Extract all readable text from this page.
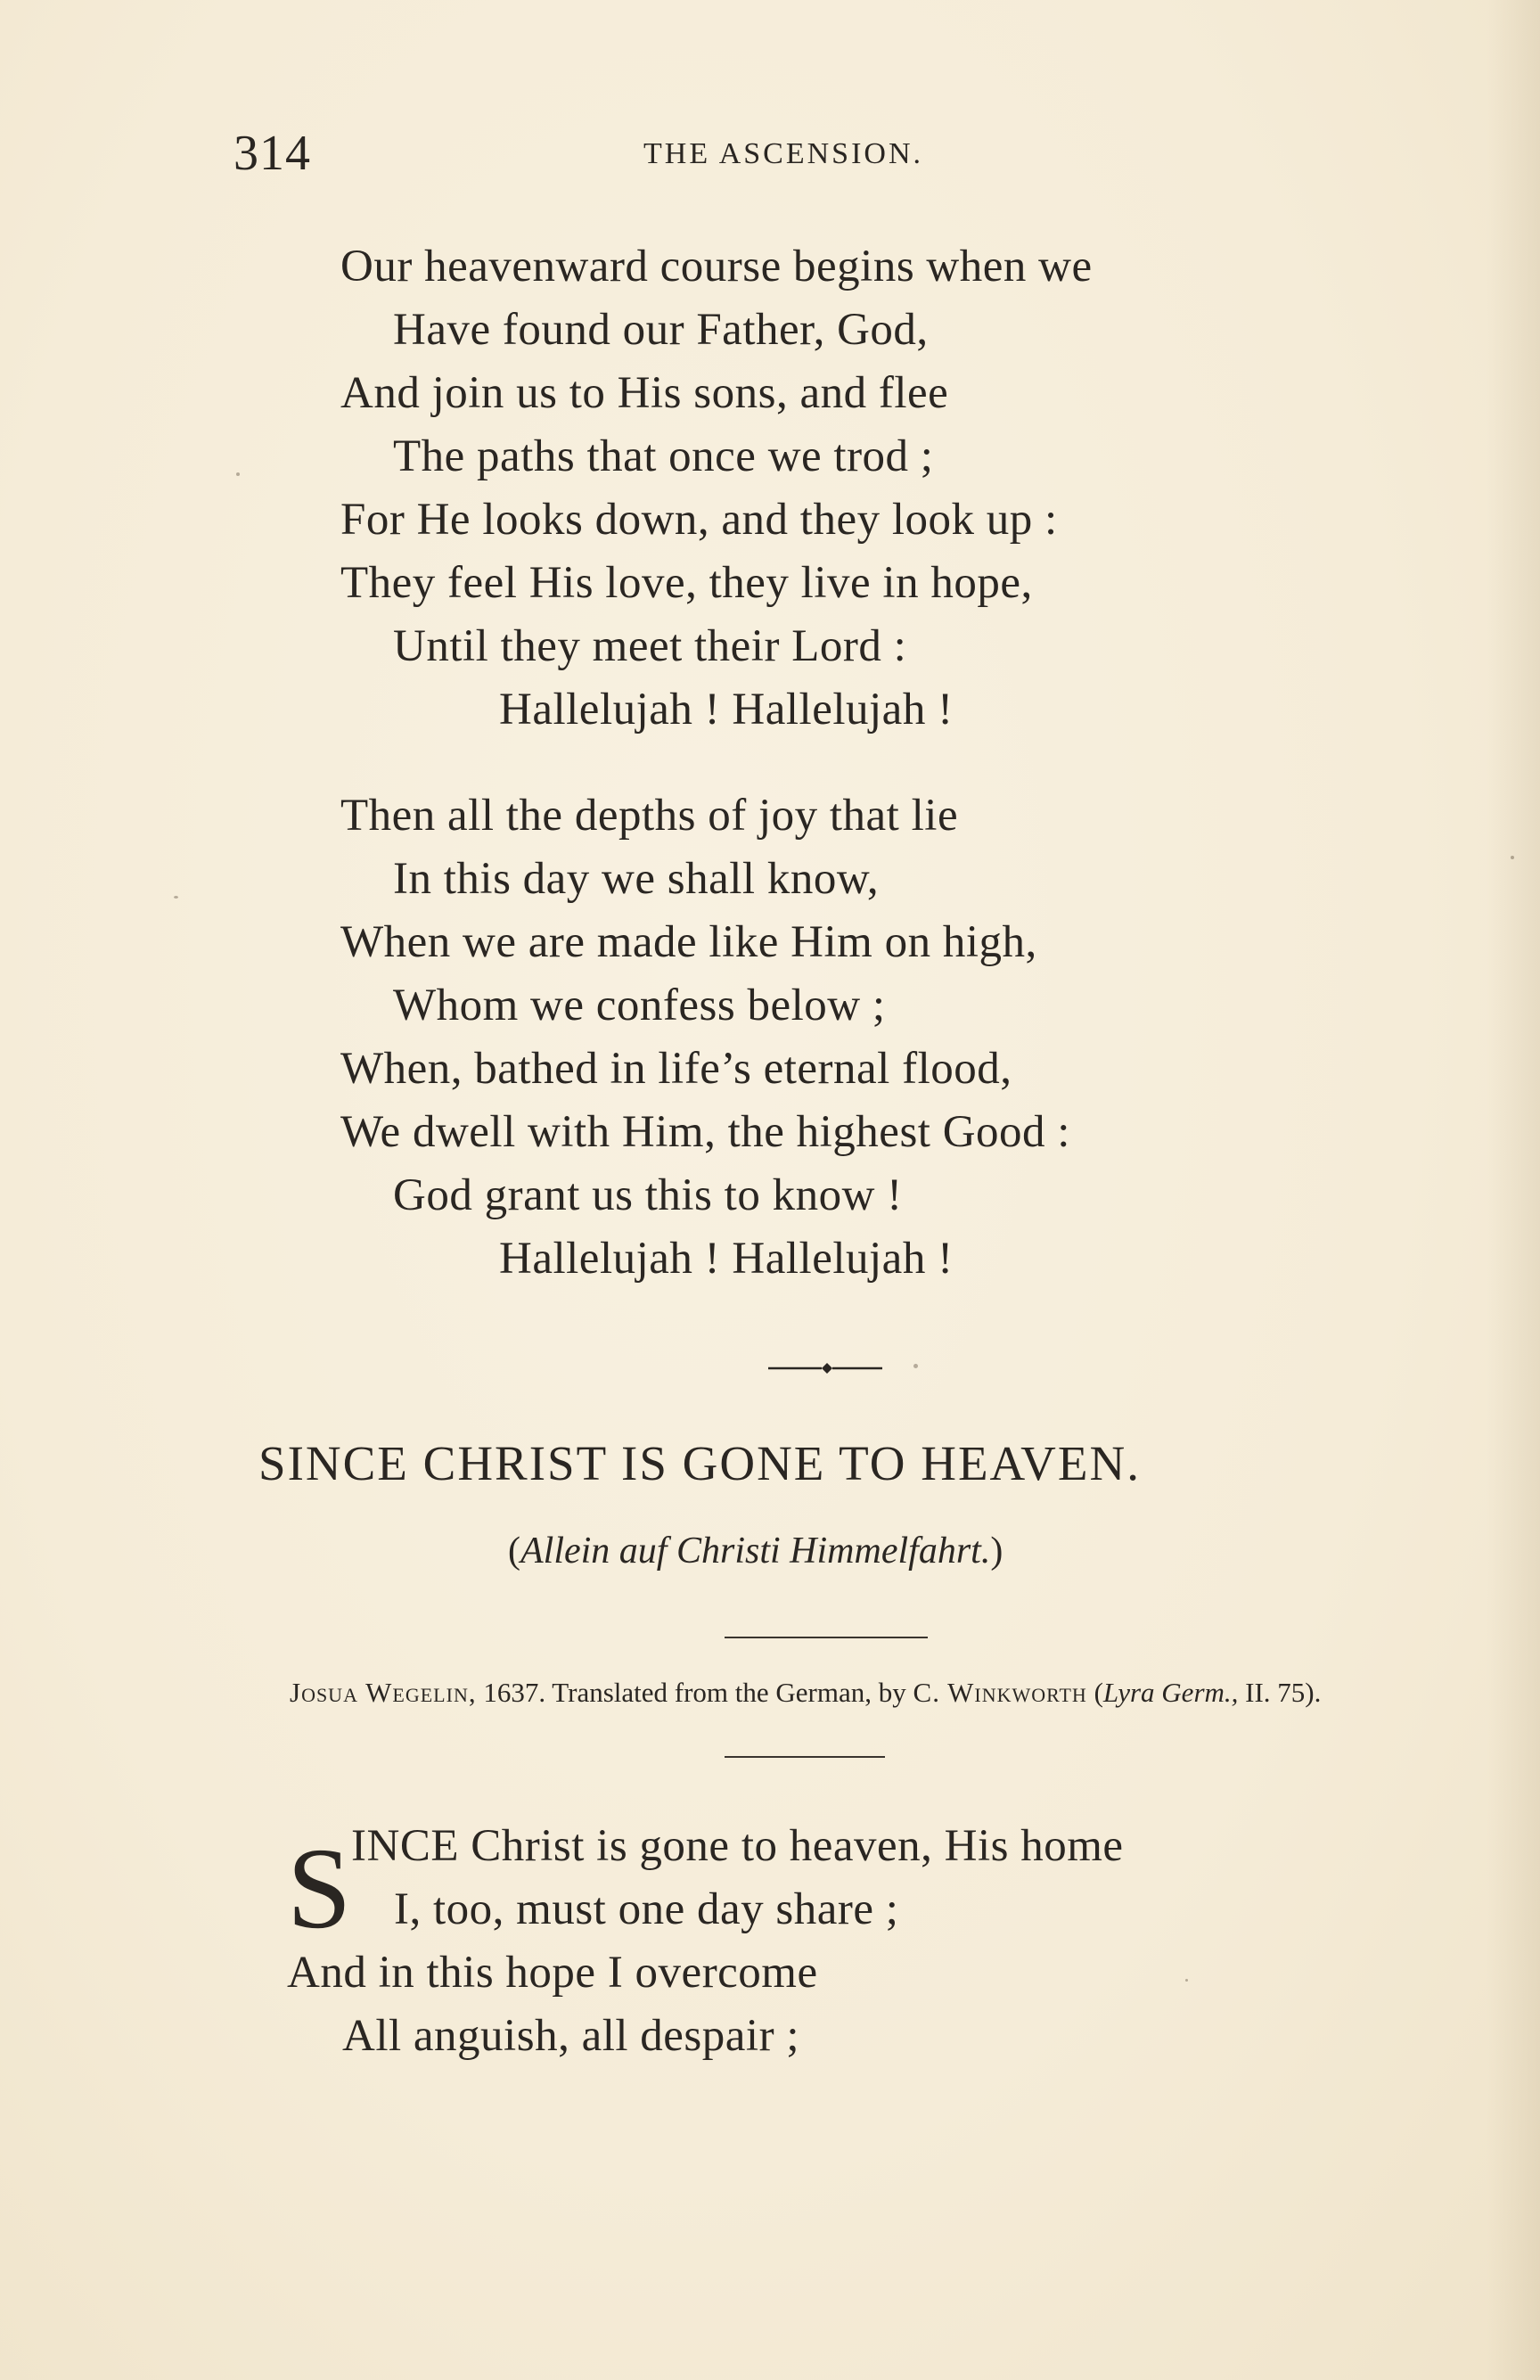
314	THE ASCENSION.
Our heavenward course begins when we
Have found our Father, God,
And join us to His sons, and flee
The paths that once we trod ;
For He looks down, and they look up :
They feel His love, they live in hope,
Until they meet their Lord :
Hallelujah ! Hallelujah !
Then all the depths of joy that lie
In this day we shall know,
When we are made like Him on high,
Whom we confess below ;
When, bathed in life’s eternal flood,
We dwell with Him, the highest Good :
God grant us this to know !
Hallelujah ! Hallelujah !
SINCE CHRIST IS GONE TO HEAVEN.
(Allein auf Christi Himmelfahrt.)
Josua Wegelin, 1637. Translated from the German, by C. Winkworth (Lyra Germ., II. 75).
S INCE Christ is gone to heaven, His home
I, too, must one day share ;
And in this hope I overcome
All anguish, all despair ;
